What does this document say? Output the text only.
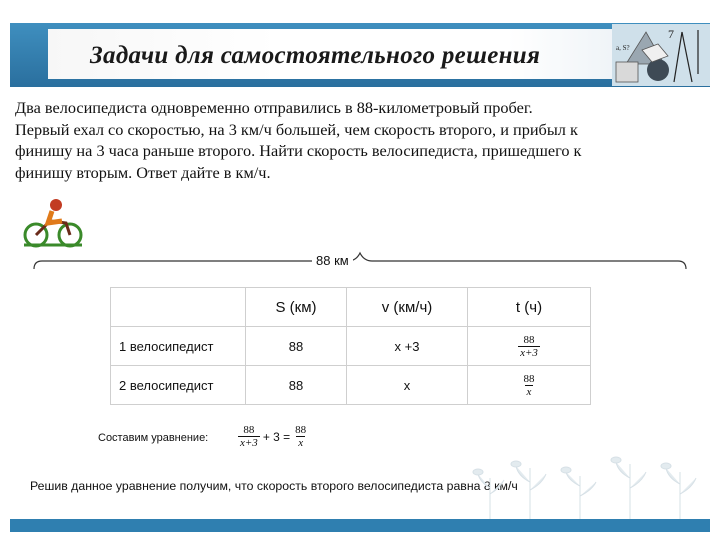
Задачи для самостоятельного решения
7
a, S?
Два велосипедиста одновременно отправились в 88-километровый пробег.
Первый ехал со скоростью, на 3 км/ч большей, чем скорость второго, и прибыл к
финишу на 3 часа раньше второго. Найти скорость велосипедиста, пришедшего к
финишу вторым. Ответ дайте в км/ч.
88 км
	S (км)	v (км/ч)	t (ч)
1 велосипедист	88	x +3	$\frac{88}{x+3}$

2 велосипедист	88	x	$\frac{88}{x}$
Составим уравнение:	$\frac{88}{x+3} + 3 = \frac{88}{x}$
Решив данное уравнение получим, что скорость второго велосипедиста равна 8 км/ч
